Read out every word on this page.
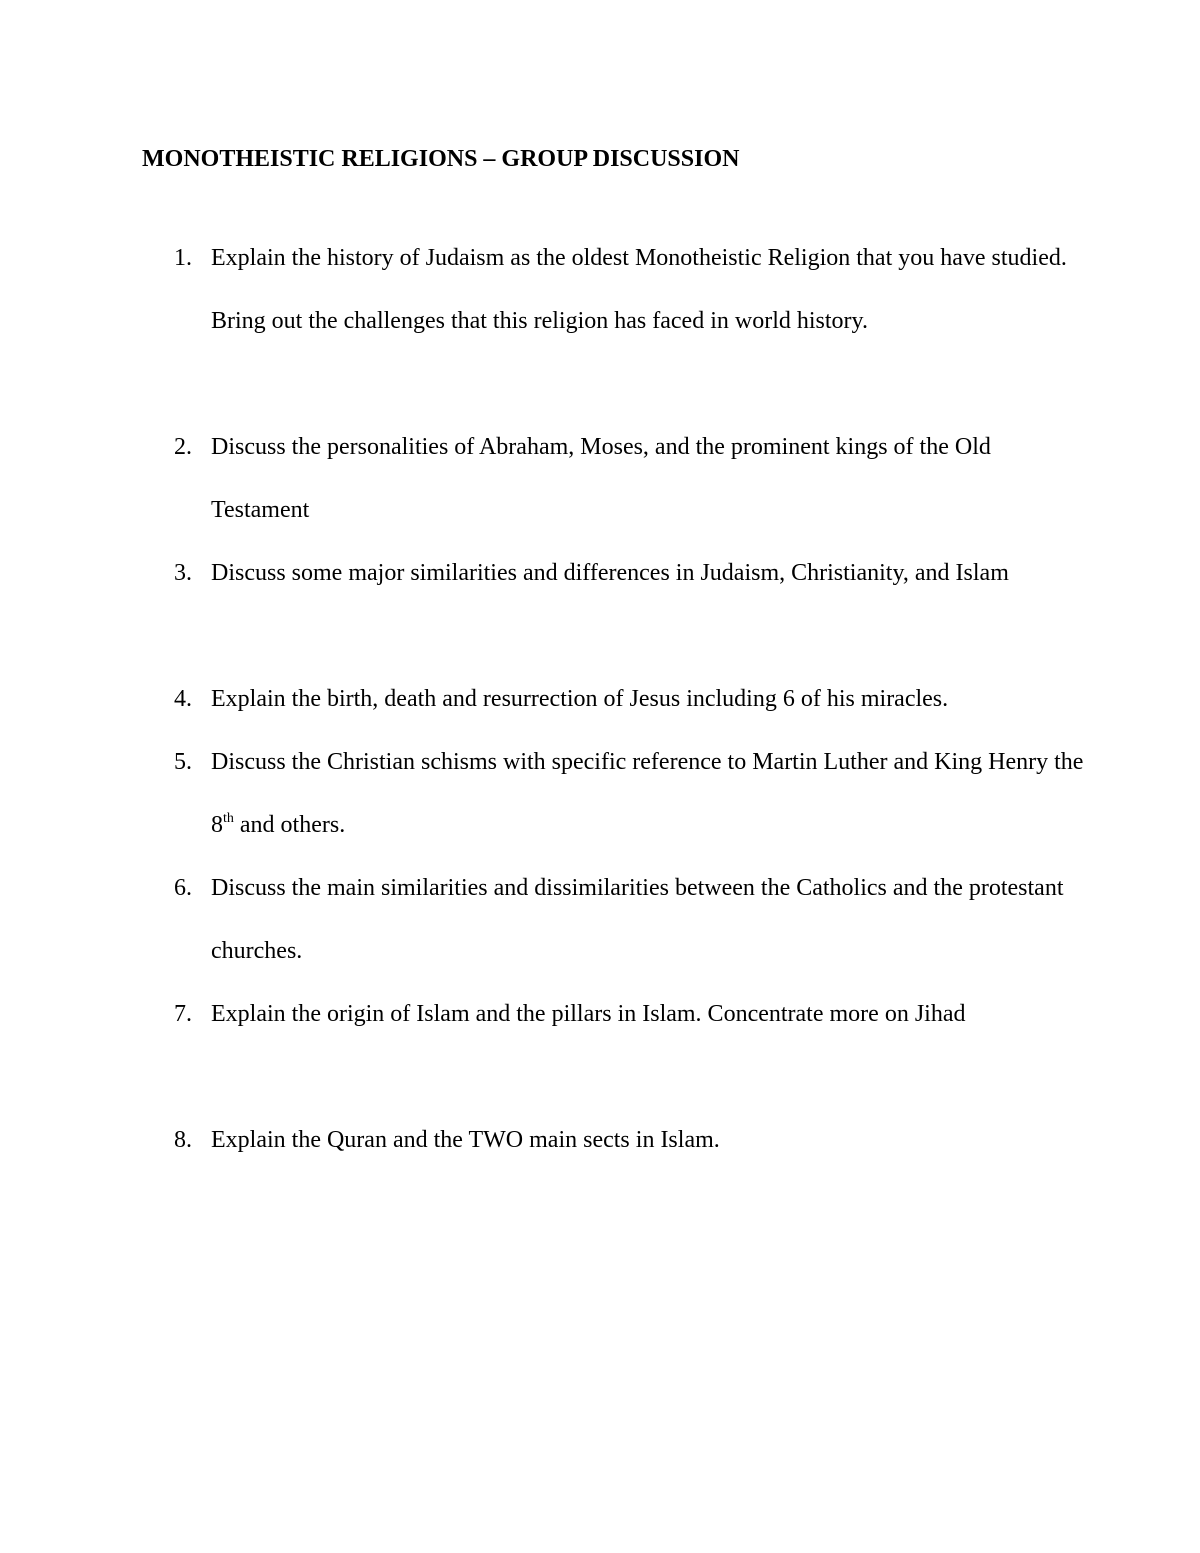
MONOTHEISTIC RELIGIONS – GROUP DISCUSSION
1. Explain the history of Judaism as the oldest Monotheistic Religion that you have studied. Bring out the challenges that this religion has faced in world history.
2. Discuss the personalities of Abraham, Moses, and the prominent kings of the Old Testament
3. Discuss some major similarities and differences in Judaism, Christianity, and Islam
4. Explain the birth, death and resurrection of Jesus including 6 of his miracles.
5. Discuss the Christian schisms with specific reference to Martin Luther and King Henry the 8th and others.
6. Discuss the main similarities and dissimilarities between the Catholics and the protestant churches.
7. Explain the origin of Islam and the pillars in Islam. Concentrate more on Jihad
8. Explain the Quran and the TWO main sects in Islam.
